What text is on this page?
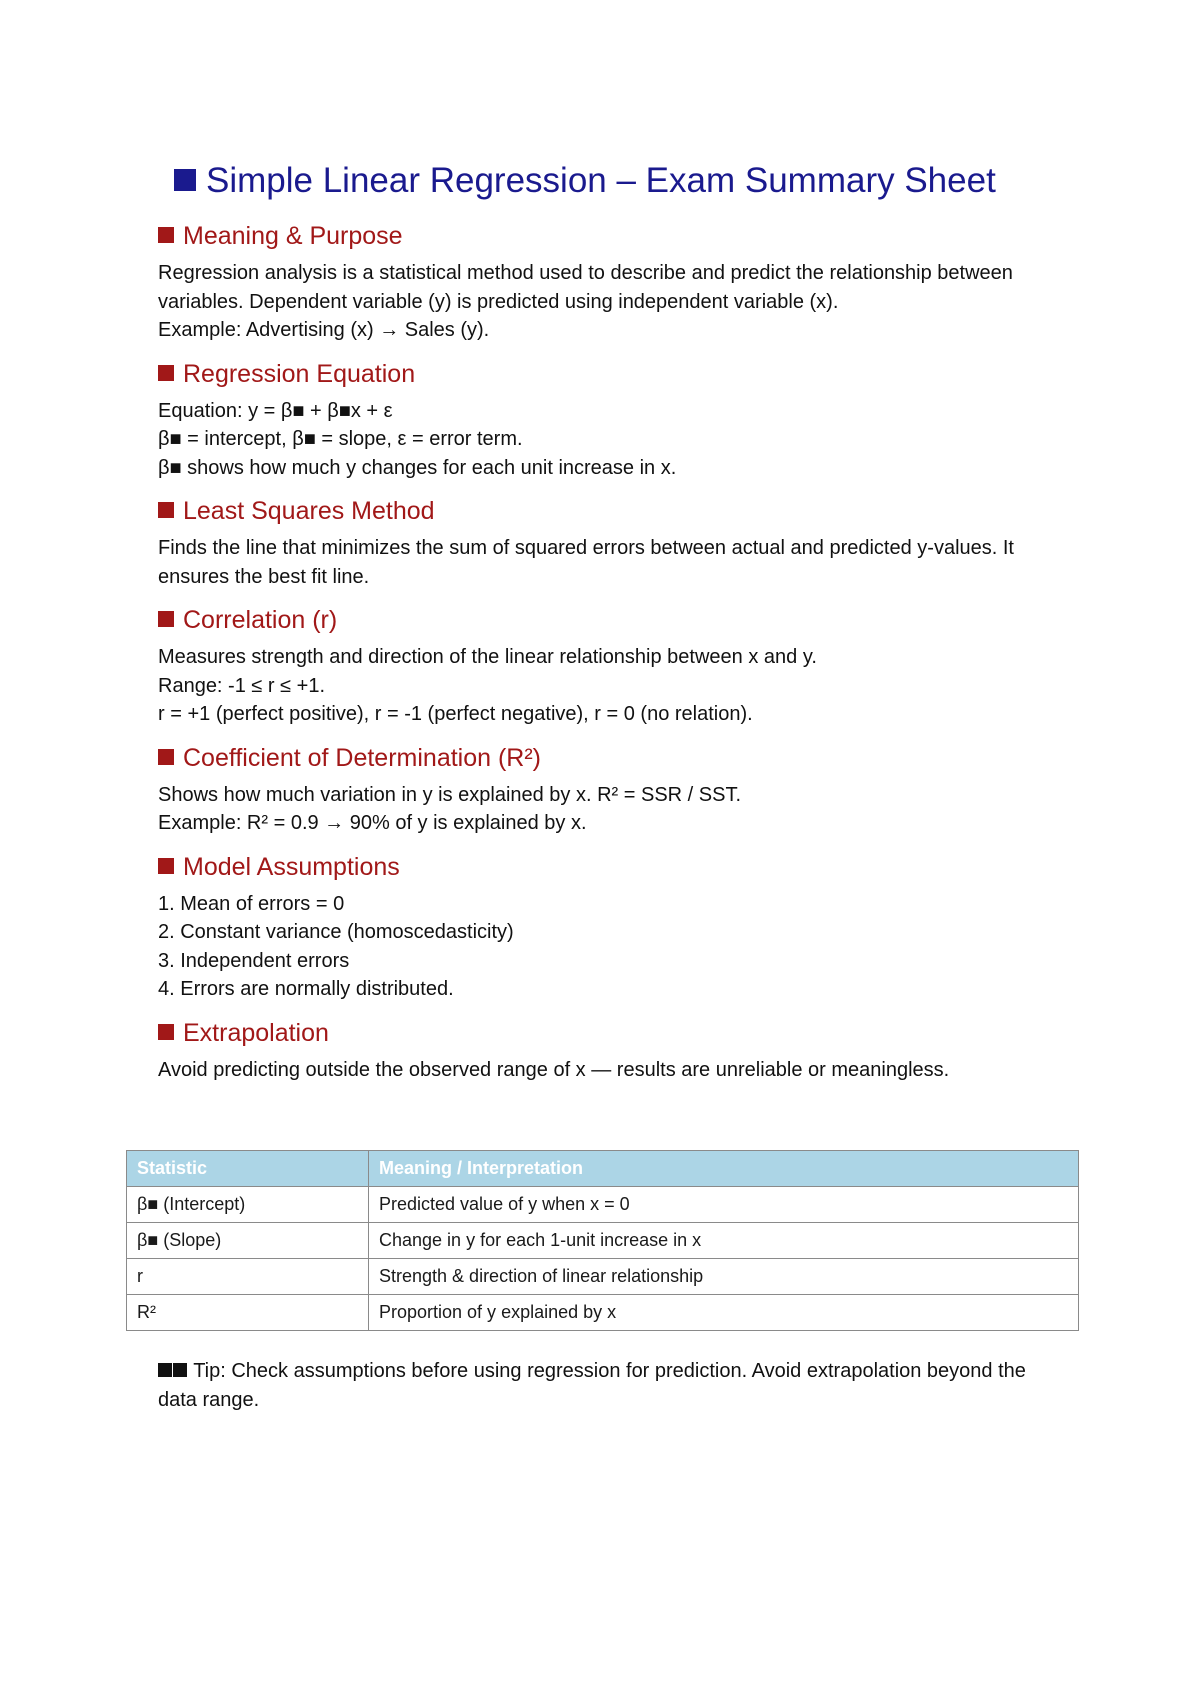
Simple Linear Regression – Exam Summary Sheet
Meaning & Purpose

Regression analysis is a statistical method used to describe and predict the relationship between variables. Dependent variable (y) is predicted using independent variable (x).

Example: Advertising (x) → Sales (y).

Regression Equation

Equation: y = β■ + β■x + ε

β■ = intercept, β■ = slope, ε = error term.

β■ shows how much y changes for each unit increase in x.

Least Squares Method

Finds the line that minimizes the sum of squared errors between actual and predicted y-values. It ensures the best fit line.

Correlation (r)

Measures strength and direction of the linear relationship between x and y.

Range: -1 ≤ r ≤ +1.

r = +1 (perfect positive), r = -1 (perfect negative), r = 0 (no relation).

Coefficient of Determination (R²)

Shows how much variation in y is explained by x. R² = SSR / SST.

Example: R² = 0.9 → 90% of y is explained by x.

Model Assumptions

1. Mean of errors = 0

2. Constant variance (homoscedasticity)

3. Independent errors

4. Errors are normally distributed.

Extrapolation

Avoid predicting outside the observed range of x — results are unreliable or meaningless.

Statistic	Meaning / Interpretation
β■ (Intercept)	Predicted value of y when x = 0
β■ (Slope)	Change in y for each 1-unit increase in x
r	Strength & direction of linear relationship
R²	Proportion of y explained by x
Tip: Check assumptions before using regression for prediction. Avoid extrapolation beyond the data range.
